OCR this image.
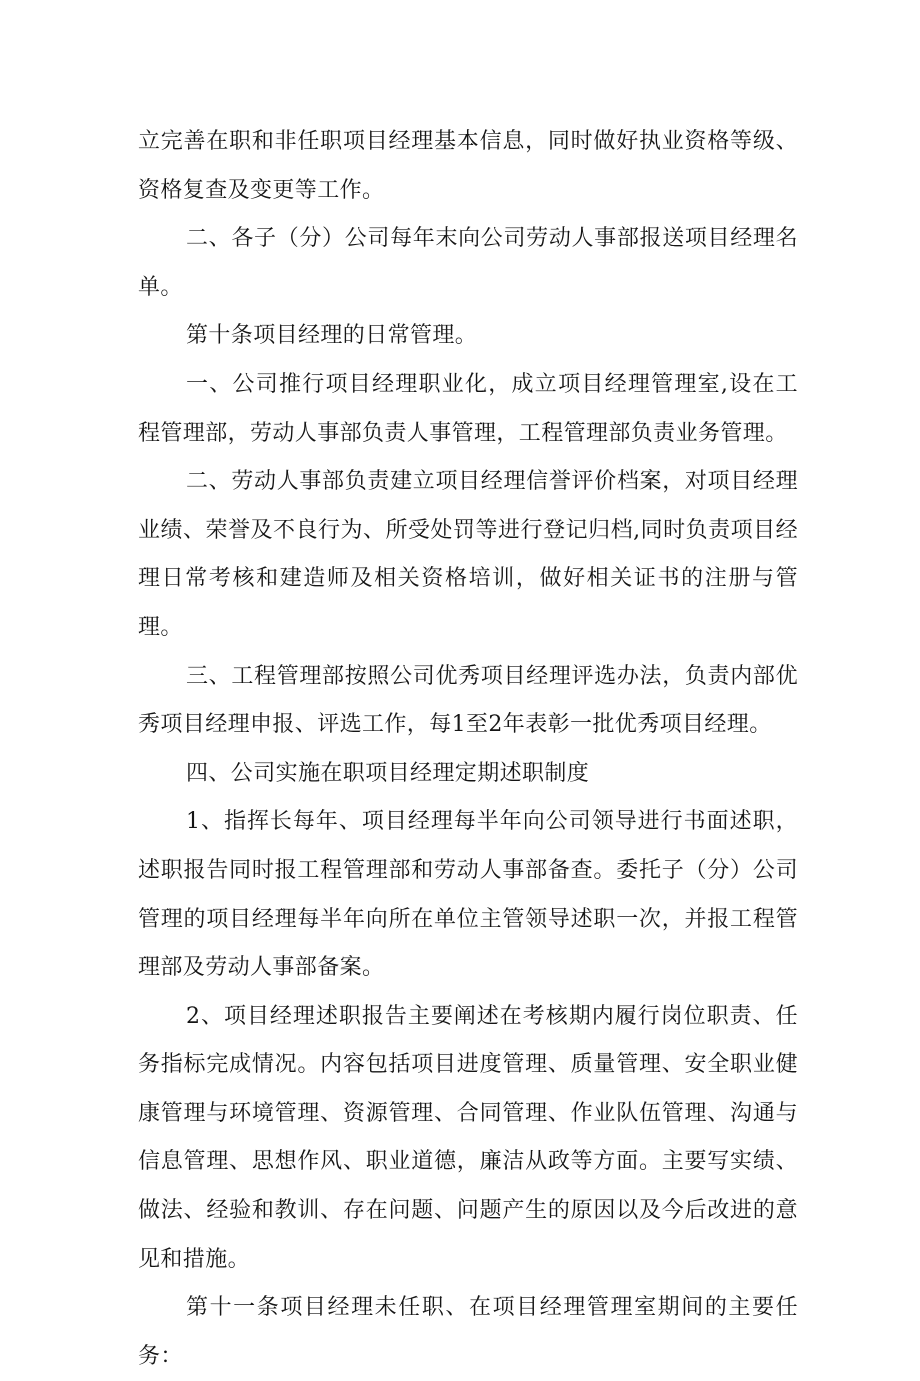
立完善在职和非任职项目经理基本信息，同时做好执业资格等级、资格复查及变更等工作。

二、各子（分）公司每年末向公司劳动人事部报送项目经理名单。

第十条项目经理的日常管理。

一、公司推行项目经理职业化，成立项目经理管理室,设在工程管理部，劳动人事部负责人事管理，工程管理部负责业务管理。

二、劳动人事部负责建立项目经理信誉评价档案，对项目经理业绩、荣誉及不良行为、所受处罚等进行登记归档,同时负责项目经理日常考核和建造师及相关资格培训，做好相关证书的注册与管理。

三、工程管理部按照公司优秀项目经理评选办法，负责内部优秀项目经理申报、评选工作，每1至2年表彰一批优秀项目经理。

四、公司实施在职项目经理定期述职制度

1、指挥长每年、项目经理每半年向公司领导进行书面述职，述职报告同时报工程管理部和劳动人事部备查。委托子（分）公司管理的项目经理每半年向所在单位主管领导述职一次，并报工程管理部及劳动人事部备案。

2、项目经理述职报告主要阐述在考核期内履行岗位职责、任务指标完成情况。内容包括项目进度管理、质量管理、安全职业健康管理与环境管理、资源管理、合同管理、作业队伍管理、沟通与信息管理、思想作风、职业道德，廉洁从政等方面。主要写实绩、做法、经验和教训、存在问题、问题产生的原因以及今后改进的意见和措施。

第十一条项目经理未任职、在项目经理管理室期间的主要任务：
